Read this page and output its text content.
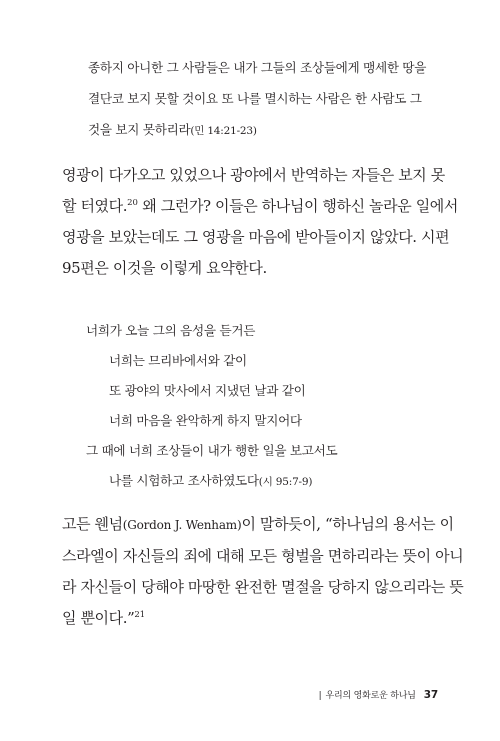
종하지 아니한 그 사람들은 내가 그들의 조상들에게 맹세한 땅을
결단코 보지 못할 것이요 또 나를 멸시하는 사람은 한 사람도 그
것을 보지 못하리라(민 14:21-23)
영광이 다가오고 있었으나 광야에서 반역하는 자들은 보지 못
할 터였다.$^{20}$ 왜 그런가? 이들은 하나님이 행하신 놀라운 일에서
영광을 보았는데도 그 영광을 마음에 받아들이지 않았다. 시편
95편은 이것을 이렇게 요약한다.
너희가 오늘 그의 음성을 듣거든
너희는 므리바에서와 같이
또 광야의 맛사에서 지냈던 날과 같이
너희 마음을 완악하게 하지 말지어다
그 때에 너희 조상들이 내가 행한 일을 보고서도
나를 시험하고 조사하였도다(시 95:7-9)
고든 웬넘(Gordon J. Wenham)이 말하듯이, “하나님의 용서는 이
스라엘이 자신들의 죄에 대해 모든 형벌을 면하리라는 뜻이 아니
라 자신들이 당해야 마땅한 완전한 멸절을 당하지 않으리라는 뜻
일 뿐이다.”$^{21}$
| 우리의 영화로운 하나님 37
